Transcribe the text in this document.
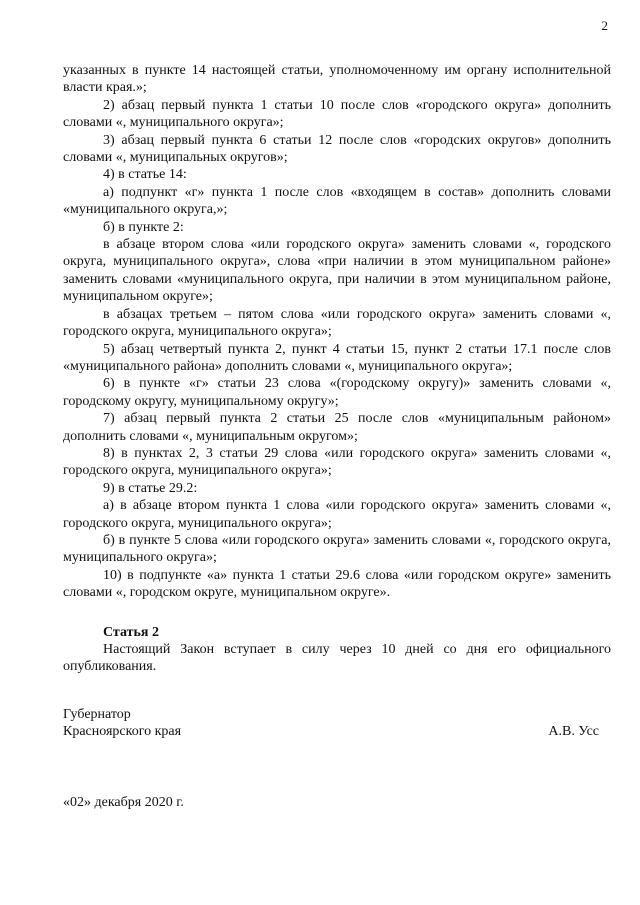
2

указанных в пункте 14 настоящей статьи, уполномоченному им органу исполнительной власти края.»;

2) абзац первый пункта 1 статьи 10 после слов «городского округа» дополнить словами «, муниципального округа»;

3) абзац первый пункта 6 статьи 12 после слов «городских округов» дополнить словами «, муниципальных округов»;

4) в статье 14:

а) подпункт «г» пункта 1 после слов «входящем в состав» дополнить словами «муниципального округа,»;

б) в пункте 2:

в абзаце втором слова «или городского округа» заменить словами «, городского округа, муниципального округа», слова «при наличии в этом муниципальном районе» заменить словами «муниципального округа, при наличии в этом муниципальном районе, муниципальном округе»;

в абзацах третьем – пятом слова «или городского округа» заменить словами «, городского округа, муниципального округа»;

5) абзац четвертый пункта 2, пункт 4 статьи 15, пункт 2 статьи 17.1 после слов «муниципального района» дополнить словами «, муниципального округа»;

6) в пункте «г» статьи 23 слова «(городскому округу)» заменить словами «, городскому округу, муниципальному округу»;

7) абзац первый пункта 2 статьи 25 после слов «муниципальным районом» дополнить словами «, муниципальным округом»;

8) в пунктах 2, 3 статьи 29 слова «или городского округа» заменить словами «, городского округа, муниципального округа»;

9) в статье 29.2:

а) в абзаце втором пункта 1 слова «или городского округа» заменить словами «, городского округа, муниципального округа»;

б) в пункте 5 слова «или городского округа» заменить словами «, городского округа, муниципального округа»;

10) в подпункте «а» пункта 1 статьи 29.6 слова «или городском округе» заменить словами «, городском округе, муниципальном округе».

Статья 2

Настоящий Закон вступает в силу через 10 дней со дня его официального опубликования.

Губернатор
Красноярского края	А.В. Усс
«02» декабря 2020 г.
